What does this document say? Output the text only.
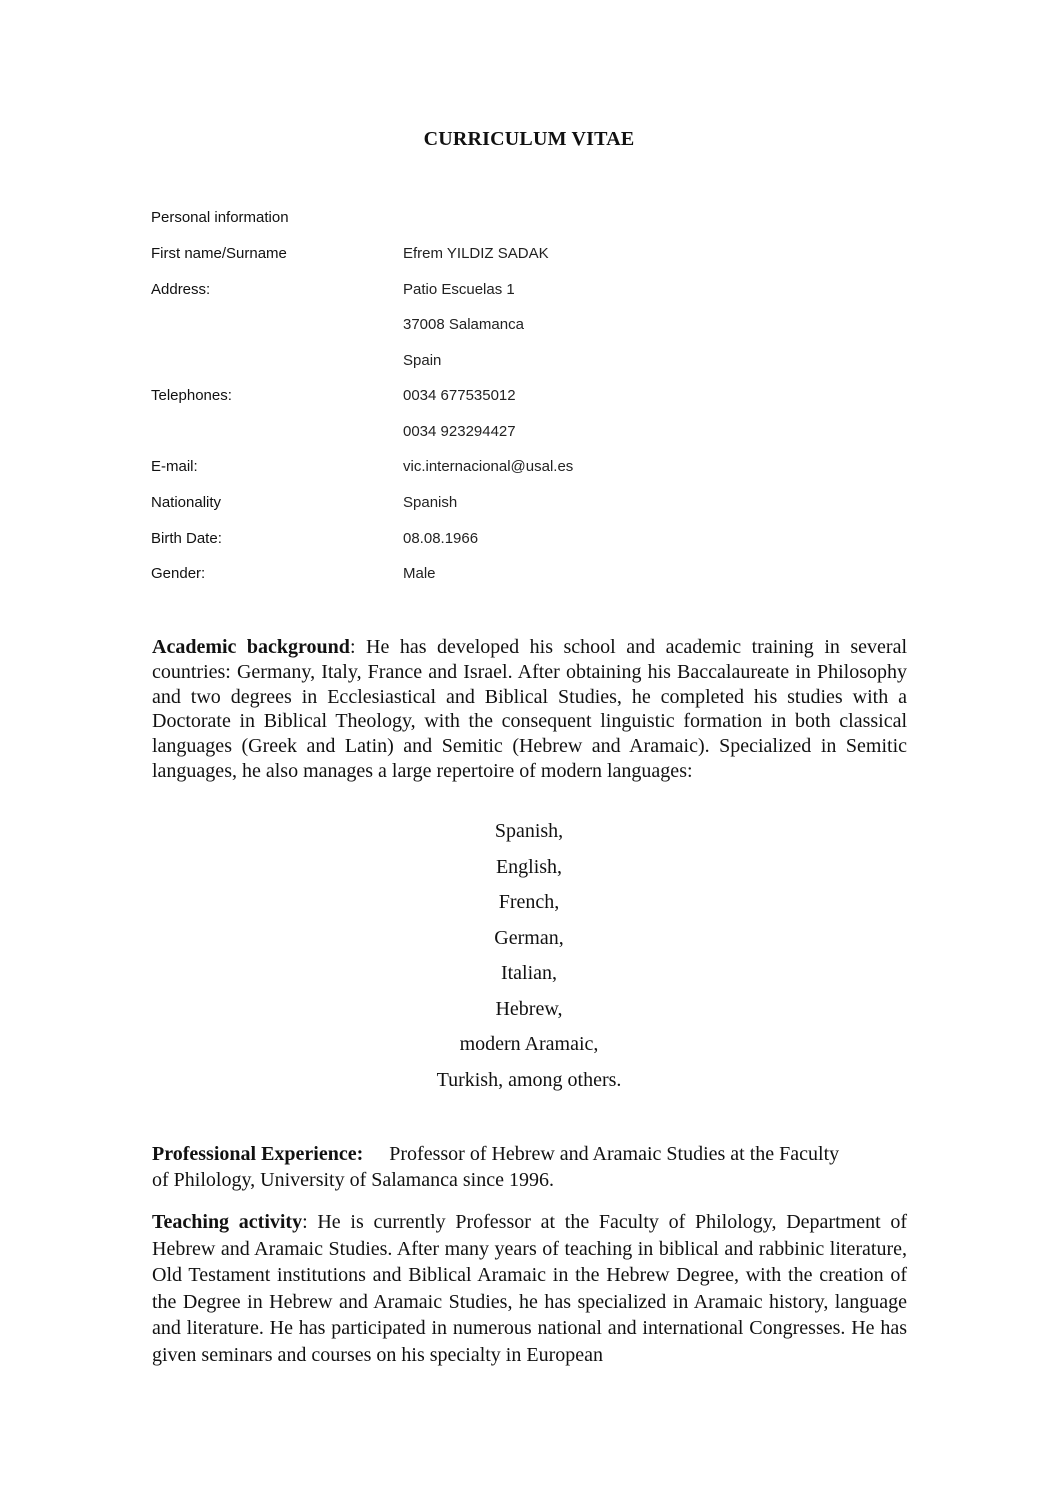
CURRICULUM VITAE
Personal information
First name/Surname	Efrem YILDIZ SADAK
Address:	Patio Escuelas 1
37008 Salamanca
Spain
Telephones:	0034 677535012
0034 923294427
E-mail:	vic.internacional@usal.es
Nationality	Spanish
Birth Date:	08.08.1966
Gender:	Male

Academic background: He has developed his school and academic training in several countries: Germany, Italy, France and Israel. After obtaining his Baccalaureate in Philosophy and two degrees in Ecclesiastical and Biblical Studies, he completed his studies with a Doctorate in Biblical Theology, with the consequent linguistic formation in both classical languages (Greek and Latin) and Semitic (Hebrew and Aramaic). Specialized in Semitic languages, he also manages a large repertoire of modern languages:

Spanish,
English,
French,
German,
Italian,
Hebrew,
modern Aramaic,
Turkish, among others.

Professional Experience: Professor of Hebrew and Aramaic Studies at the Faculty
of Philology, University of Salamanca since 1996.

Teaching activity: He is currently Professor at the Faculty of Philology, Department of Hebrew and Aramaic Studies. After many years of teaching in biblical and rabbinic literature, Old Testament institutions and Biblical Aramaic in the Hebrew Degree, with the creation of the Degree in Hebrew and Aramaic Studies, he has specialized in Aramaic history, language and literature. He has participated in numerous national and international Congresses. He has given seminars and courses on his specialty in European
